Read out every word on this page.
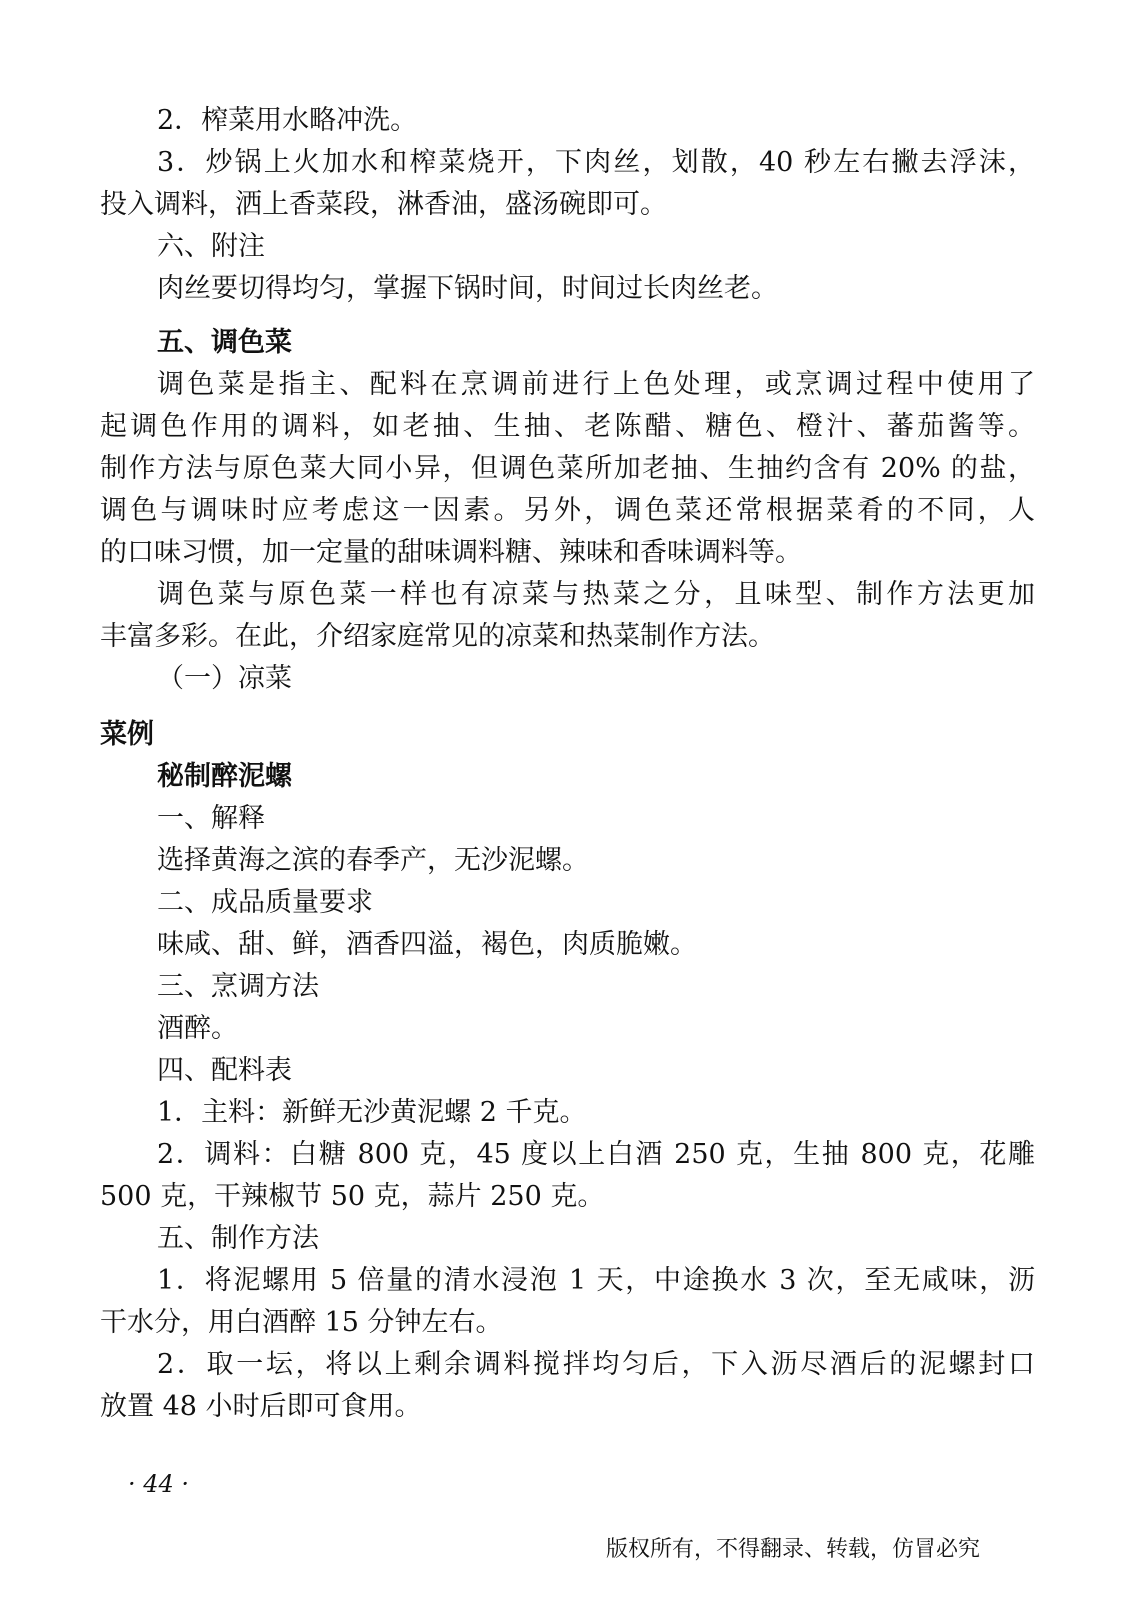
2．榨菜用水略冲洗。
3．炒锅上火加水和榨菜烧开，下肉丝，划散，40 秒左右撇去浮沫，
投入调料，洒上香菜段，淋香油，盛汤碗即可。
六、附注
肉丝要切得均匀，掌握下锅时间，时间过长肉丝老。
五、调色菜
调色菜是指主、配料在烹调前进行上色处理，或烹调过程中使用了
起调色作用的调料，如老抽、生抽、老陈醋、糖色、橙汁、蕃茄酱等。
制作方法与原色菜大同小异，但调色菜所加老抽、生抽约含有 20% 的盐，
调色与调味时应考虑这一因素。另外，调色菜还常根据菜肴的不同，人
的口味习惯，加一定量的甜味调料糖、辣味和香味调料等。
调色菜与原色菜一样也有凉菜与热菜之分，且味型、制作方法更加
丰富多彩。在此，介绍家庭常见的凉菜和热菜制作方法。
（一）凉菜
菜例
秘制醉泥螺
一、解释
选择黄海之滨的春季产，无沙泥螺。
二、成品质量要求
味咸、甜、鲜，酒香四溢，褐色，肉质脆嫩。
三、烹调方法
酒醉。
四、配料表
1．主料：新鲜无沙黄泥螺 2 千克。
2．调料：白糖 800 克，45 度以上白酒 250 克，生抽 800 克，花雕
500 克，干辣椒节 50 克，蒜片 250 克。
五、制作方法
1．将泥螺用 5 倍量的清水浸泡 1 天，中途换水 3 次，至无咸味，沥
干水分，用白酒醉 15 分钟左右。
2．取一坛，将以上剩余调料搅拌均匀后，下入沥尽酒后的泥螺封口
放置 48 小时后即可食用。
· 44 ·
版权所有，不得翻录、转载，仿冒必究
